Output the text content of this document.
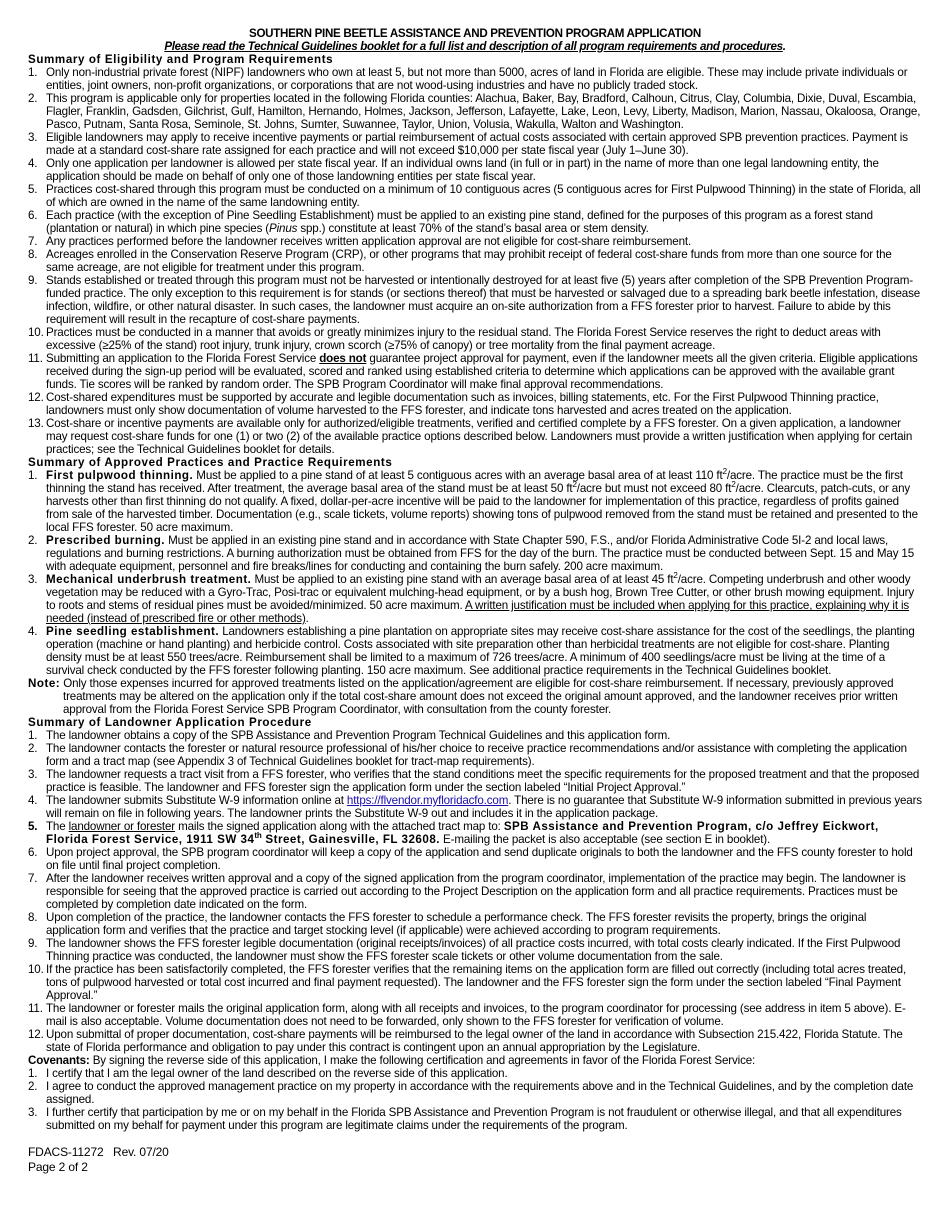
SOUTHERN PINE BEETLE ASSISTANCE AND PREVENTION PROGRAM APPLICATION
Please read the Technical Guidelines booklet for a full list and description of all program requirements and procedures.
Summary of Eligibility and Program Requirements
1. Only non-industrial private forest (NIPF) landowners who own at least 5, but not more than 5000, acres of land in Florida are eligible. These may include private individuals or entities, joint owners, non-profit organizations, or corporations that are not wood-using industries and have no publicly traded stock.
2. This program is applicable only for properties located in the following Florida counties: Alachua, Baker, Bay, Bradford, Calhoun, Citrus, Clay, Columbia, Dixie, Duval, Escambia, Flagler, Franklin, Gadsden, Gilchrist, Gulf, Hamilton, Hernando, Holmes, Jackson, Jefferson, Lafayette, Lake, Leon, Levy, Liberty, Madison, Marion, Nassau, Okaloosa, Orange, Pasco, Putnam, Santa Rosa, Seminole, St. Johns, Sumter, Suwannee, Taylor, Union, Volusia, Wakulla, Walton and Washington.
3. Eligible landowners may apply to receive incentive payments or partial reimbursement of actual costs associated with certain approved SPB prevention practices. Payment is made at a standard cost-share rate assigned for each practice and will not exceed $10,000 per state fiscal year (July 1–June 30).
4. Only one application per landowner is allowed per state fiscal year. If an individual owns land (in full or in part) in the name of more than one legal landowning entity, the application should be made on behalf of only one of those landowning entities per state fiscal year.
5. Practices cost-shared through this program must be conducted on a minimum of 10 contiguous acres (5 contiguous acres for First Pulpwood Thinning) in the state of Florida, all of which are owned in the name of the same landowning entity.
6. Each practice (with the exception of Pine Seedling Establishment) must be applied to an existing pine stand, defined for the purposes of this program as a forest stand (plantation or natural) in which pine species (Pinus spp.) constitute at least 70% of the stand’s basal area or stem density.
7. Any practices performed before the landowner receives written application approval are not eligible for cost-share reimbursement.
8. Acreages enrolled in the Conservation Reserve Program (CRP), or other programs that may prohibit receipt of federal cost-share funds from more than one source for the same acreage, are not eligible for treatment under this program.
9. Stands established or treated through this program must not be harvested or intentionally destroyed for at least five (5) years after completion of the SPB Prevention Program-funded practice. The only exception to this requirement is for stands (or sections thereof) that must be harvested or salvaged due to a spreading bark beetle infestation, disease infection, wildfire, or other natural disaster. In such cases, the landowner must acquire an on-site authorization from a FFS forester prior to harvest. Failure to abide by this requirement will result in the recapture of cost-share payments.
10. Practices must be conducted in a manner that avoids or greatly minimizes injury to the residual stand. The Florida Forest Service reserves the right to deduct areas with excessive (≥25% of the stand) root injury, trunk injury, crown scorch (≥75% of canopy) or tree mortality from the final payment acreage.
11. Submitting an application to the Florida Forest Service does not guarantee project approval for payment, even if the landowner meets all the given criteria. Eligible applications received during the sign-up period will be evaluated, scored and ranked using established criteria to determine which applications can be approved with the available grant funds. Tie scores will be ranked by random order. The SPB Program Coordinator will make final approval recommendations.
12. Cost-shared expenditures must be supported by accurate and legible documentation such as invoices, billing statements, etc. For the First Pulpwood Thinning practice, landowners must only show documentation of volume harvested to the FFS forester, and indicate tons harvested and acres treated on the application.
13. Cost-share or incentive payments are available only for authorized/eligible treatments, verified and certified complete by a FFS forester. On a given application, a landowner may request cost-share funds for one (1) or two (2) of the available practice options described below. Landowners must provide a written justification when applying for certain practices; see the Technical Guidelines booklet for details.
Summary of Approved Practices and Practice Requirements
1. First pulpwood thinning. Must be applied to a pine stand of at least 5 contiguous acres with an average basal area of at least 110 $ft^2$/acre. The practice must be the first thinning the stand has received. After treatment, the average basal area of the stand must be at least 50 $ft^2$/acre but must not exceed 80 $ft^2$/acre. Clearcuts, patch-cuts, or any harvests other than first thinning do not qualify. A fixed, dollar-per-acre incentive will be paid to the landowner for implementation of this practice, regardless of profits gained from sale of the harvested timber. Documentation (e.g., scale tickets, volume reports) showing tons of pulpwood removed from the stand must be retained and presented to the local FFS forester. 50 acre maximum.
2. Prescribed burning. Must be applied in an existing pine stand and in accordance with State Chapter 590, F.S., and/or Florida Administrative Code 5I-2 and local laws, regulations and burning restrictions. A burning authorization must be obtained from FFS for the day of the burn. The practice must be conducted between Sept. 15 and May 15 with adequate equipment, personnel and fire breaks/lines for conducting and containing the burn safely. 200 acre maximum.
3. Mechanical underbrush treatment. Must be applied to an existing pine stand with an average basal area of at least 45 $ft^2$/acre. Competing underbrush and other woody vegetation may be reduced with a Gyro-Trac, Posi-trac or equivalent mulching-head equipment, or by a bush hog, Brown Tree Cutter, or other brush mowing equipment. Injury to roots and stems of residual pines must be avoided/minimized. 50 acre maximum. A written justification must be included when applying for this practice, explaining why it is needed (instead of prescribed fire or other methods).
4. Pine seedling establishment. Landowners establishing a pine plantation on appropriate sites may receive cost-share assistance for the cost of the seedlings, the planting operation (machine or hand planting) and herbicide control. Costs associated with site preparation other than herbicidal treatments are not eligible for cost-share. Planting density must be at least 550 trees/acre. Reimbursement shall be limited to a maximum of 726 trees/acre. A minimum of 400 seedlings/acre must be living at the time of a survival check conducted by the FFS forester following planting. 150 acre maximum. See additional practice requirements in the Technical Guidelines booklet.
Note: Only those expenses incurred for approved treatments listed on the application/agreement are eligible for cost-share reimbursement. If necessary, previously approved treatments may be altered on the application only if the total cost-share amount does not exceed the original amount approved, and the landowner receives prior written approval from the Florida Forest Service SPB Program Coordinator, with consultation from the county forester.
Summary of Landowner Application Procedure
1. The landowner obtains a copy of the SPB Assistance and Prevention Program Technical Guidelines and this application form.
2. The landowner contacts the forester or natural resource professional of his/her choice to receive practice recommendations and/or assistance with completing the application form and a tract map (see Appendix 3 of Technical Guidelines booklet for tract-map requirements).
3. The landowner requests a tract visit from a FFS forester, who verifies that the stand conditions meet the specific requirements for the proposed treatment and that the proposed practice is feasible. The landowner and FFS forester sign the application form under the section labeled “Initial Project Approval.”
4. The landowner submits Substitute W-9 information online at https://flvendor.myfloridacfo.com. There is no guarantee that Substitute W-9 information submitted in previous years will remain on file in following years. The landowner prints the Substitute W-9 out and includes it in the application package.
5. The landowner or forester mails the signed application along with the attached tract map to: SPB Assistance and Prevention Program, c/o Jeffrey Eickwort, Florida Forest Service, 1911 SW 34th Street, Gainesville, FL 32608. E-mailing the packet is also acceptable (see section E in booklet).
6. Upon project approval, the SPB program coordinator will keep a copy of the application and send duplicate originals to both the landowner and the FFS county forester to hold on file until final project completion.
7. After the landowner receives written approval and a copy of the signed application from the program coordinator, implementation of the practice may begin. The landowner is responsible for seeing that the approved practice is carried out according to the Project Description on the application form and all practice requirements. Practices must be completed by completion date indicated on the form.
8. Upon completion of the practice, the landowner contacts the FFS forester to schedule a performance check. The FFS forester revisits the property, brings the original application form and verifies that the practice and target stocking level (if applicable) were achieved according to program requirements.
9. The landowner shows the FFS forester legible documentation (original receipts/invoices) of all practice costs incurred, with total costs clearly indicated. If the First Pulpwood Thinning practice was conducted, the landowner must show the FFS forester scale tickets or other volume documentation from the sale.
10. If the practice has been satisfactorily completed, the FFS forester verifies that the remaining items on the application form are filled out correctly (including total acres treated, tons of pulpwood harvested or total cost incurred and final payment requested). The landowner and the FFS forester sign the form under the section labeled “Final Payment Approval.”
11. The landowner or forester mails the original application form, along with all receipts and invoices, to the program coordinator for processing (see address in item 5 above). E-mail is also acceptable. Volume documentation does not need to be forwarded, only shown to the FFS forester for verification of volume.
12. Upon submittal of proper documentation, cost-share payments will be reimbursed to the legal owner of the land in accordance with Subsection 215.422, Florida Statute. The state of Florida performance and obligation to pay under this contract is contingent upon an annual appropriation by the Legislature.
Covenants: By signing the reverse side of this application, I make the following certification and agreements in favor of the Florida Forest Service:
1. I certify that I am the legal owner of the land described on the reverse side of this application.
2. I agree to conduct the approved management practice on my property in accordance with the requirements above and in the Technical Guidelines, and by the completion date assigned.
3. I further certify that participation by me or on my behalf in the Florida SPB Assistance and Prevention Program is not fraudulent or otherwise illegal, and that all expenditures submitted on my behalf for payment under this program are legitimate claims under the requirements of the program.
FDACS-11272   Rev. 07/20
Page 2 of 2
